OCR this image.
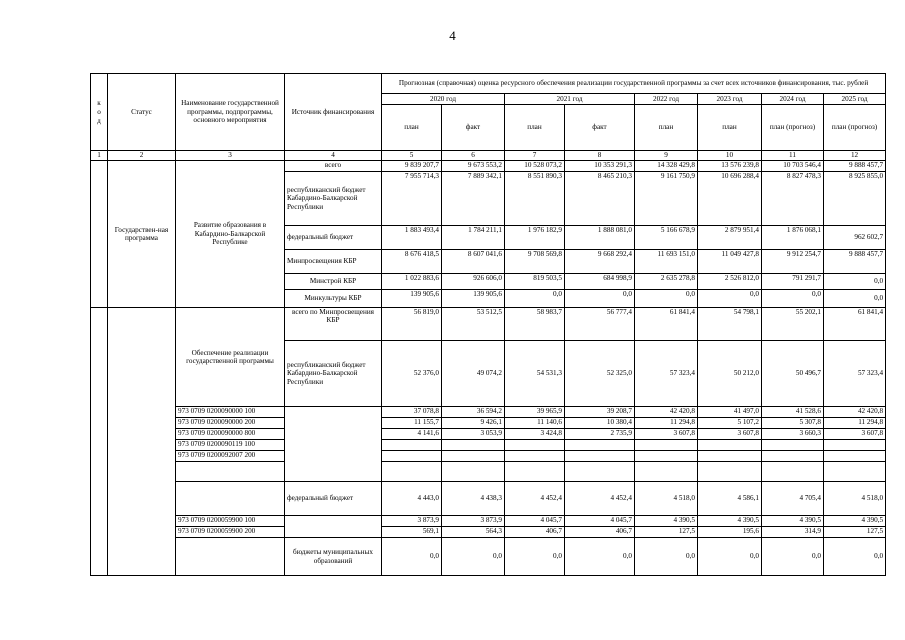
4
к
о
д	Статус	Наименование государственной программы, подпрограммы, основного мероприятия	Источник финансирования	Прогнозная (справочная) оценка ресурсного обеспечения реализации государственной программы за счет всех источников финансирования, тыс. рублей							
				2020 год		2021 год		2022 год	2023 год	2024 год	2025 год
				план	факт	план	факт	план	план	план (прогноз)	план (прогноз)
1	2	3	4	5	6	7	8	9	10	11	12
	Государствен-ная программа	Развитие образования в Кабардино-Балкарской Республике	всего	9 839 207,7	9 673 553,2	10 528 073,2	10 353 291,3	14 328 429,8	13 576 239,8	10 703 546,4	9 888 457,7
			республиканский бюджет Кабардино-Балкарской Республики	7 955 714,3	7 889 342,1	8 551 890,3	8 465 210,3	9 161 750,9	10 696 288,4	8 827 478,3	8 925 855,0
			федеральный бюджет	1 883 493,4	1 784 211,1	1 976 182,9	1 888 081,0	5 166 678,9	2 879 951,4	1 876 068,1	962 602,7
			Минпросвещения КБР	8 676 418,5	8 607 041,6	9 708 569,8	9 668 292,4	11 693 151,0	11 049 427,8	9 912 254,7	9 888 457,7
			Минстрой КБР	1 022 883,6	926 606,0	819 503,5	684 998,9	2 635 278,8	2 526 812,0	791 291,7	0,0
			Минкультуры КБР	139 905,6	139 905,6	0,0	0,0	0,0	0,0	0,0	0,0
		Обеспечение реализации государственной программы	всего по Минпросвещения КБР	56 819,0	53 512,5	58 983,7	56 777,4	61 841,4	54 798,1	55 202,1	61 841,4
			республиканский бюджет Кабардино-Балкарской Республики	52 376,0	49 074,2	54 531,3	52 325,0	57 323,4	50 212,0	50 496,7	57 323,4
		973 0709 0200090000 100		37 078,8	36 594,2	39 965,9	39 208,7	42 420,8	41 497,0	41 528,6	42 420,8
		973 0709 0200090000 200		11 155,7	9 426,1	11 140,6	10 380,4	11 294,8	5 107,2	5 307,8	11 294,8
		973 0709 0200090000 800		4 141,6	3 053,9	3 424,8	2 735,9	3 607,8	3 607,8	3 660,3	3 607,8
		973 0709 0200090119 100									
		973 0709 0200092007 200									

			федеральный бюджет	4 443,0	4 438,3	4 452,4	4 452,4	4 518,0	4 586,1	4 705,4	4 518,0
		973 0709 0200059900 100		3 873,9	3 873,9	4 045,7	4 045,7	4 390,5	4 390,5	4 390,5	4 390,5
		973 0709 0200059900 200		569,1	564,3	406,7	406,7	127,5	195,6	314,9	127,5
			бюджеты муниципальных образований	0,0	0,0	0,0	0,0	0,0	0,0	0,0	0,0
